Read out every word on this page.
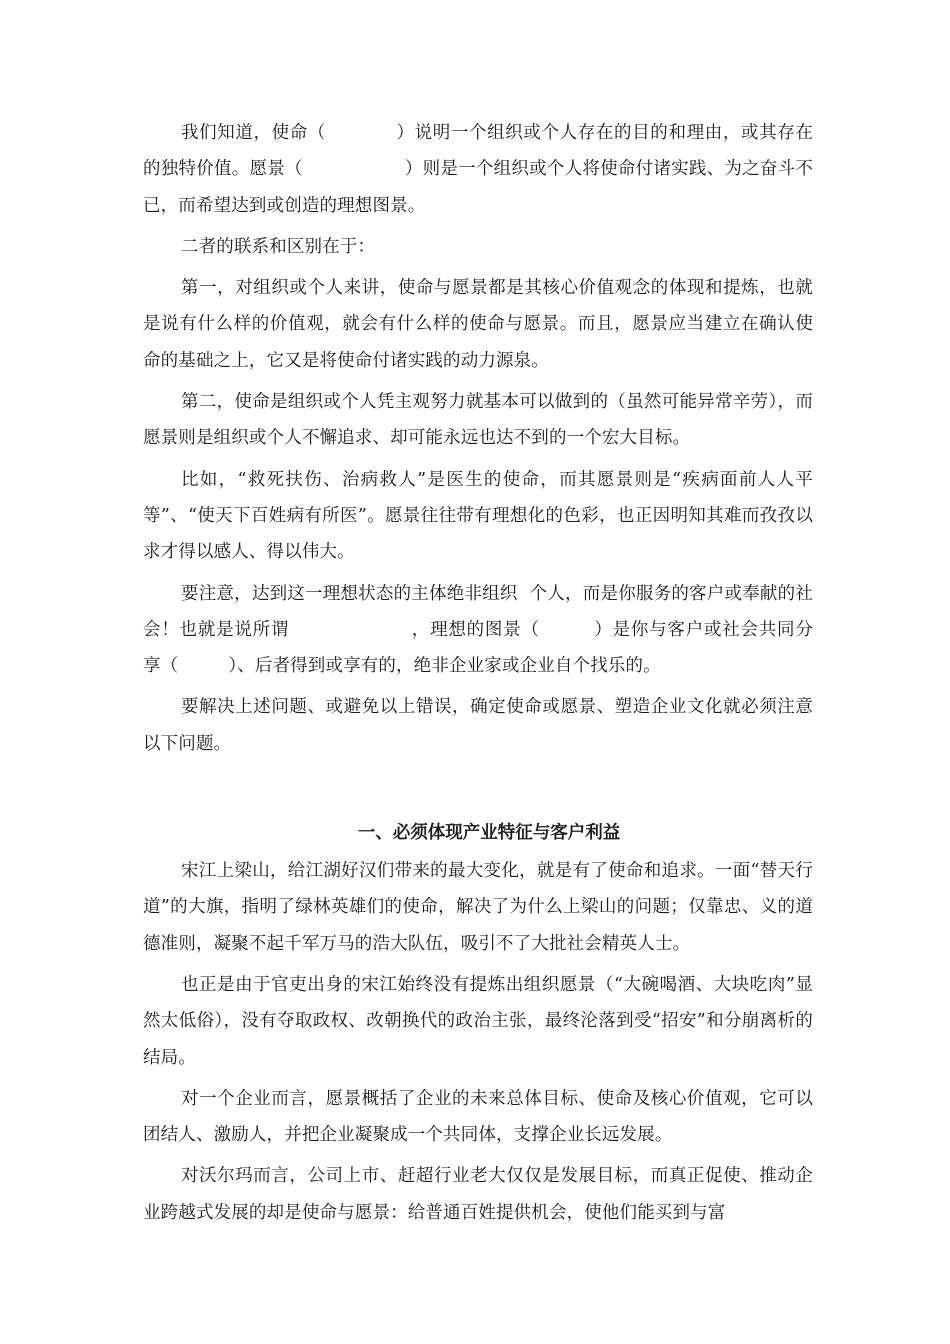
我们知道，使命（	）说明一个组织或个人存在的目的和理由，或其存在的独特价值。愿景（	）则是一个组织或个人将使命付诸实践、为之奋斗不已，而希望达到或创造的理想图景。

二者的联系和区别在于：

第一，对组织或个人来讲，使命与愿景都是其核心价值观念的体现和提炼，也就是说有什么样的价值观，就会有什么样的使命与愿景。而且，愿景应当建立在确认使命的基础之上，它又是将使命付诸实践的动力源泉。

第二，使命是组织或个人凭主观努力就基本可以做到的（虽然可能异常辛劳），而愿景则是组织或个人不懈追求、却可能永远也达不到的一个宏大目标。

比如，“救死扶伤、治病救人”是医生的使命，而其愿景则是“疾病面前人人平等”、“使天下百姓病有所医”。愿景往往带有理想化的色彩，也正因明知其难而孜孜以求才得以感人、得以伟大。

要注意，达到这一理想状态的主体绝非组织 个人，而是你服务的客户或奉献的社会！也就是说所谓	，理想的图景（	）是你与客户或社会共同分享（	）、后者得到或享有的，绝非企业家或企业自个找乐的。

要解决上述问题、或避免以上错误，确定使命或愿景、塑造企业文化就必须注意以下问题。

一、必须体现产业特征与客户利益

宋江上梁山，给江湖好汉们带来的最大变化，就是有了使命和追求。一面“替天行道”的大旗，指明了绿林英雄们的使命，解决了为什么上梁山的问题；仅靠忠、义的道德准则，凝聚不起千军万马的浩大队伍，吸引不了大批社会精英人士。

也正是由于官吏出身的宋江始终没有提炼出组织愿景（“大碗喝酒、大块吃肉”显然太低俗），没有夺取政权、改朝换代的政治主张，最终沦落到受“招安”和分崩离析的结局。

对一个企业而言，愿景概括了企业的未来总体目标、使命及核心价值观，它可以团结人、激励人，并把企业凝聚成一个共同体，支撑企业长远发展。

对沃尔玛而言，公司上市、赶超行业老大仅仅是发展目标，而真正促使、推动企业跨越式发展的却是使命与愿景：给普通百姓提供机会，使他们能买到与富
